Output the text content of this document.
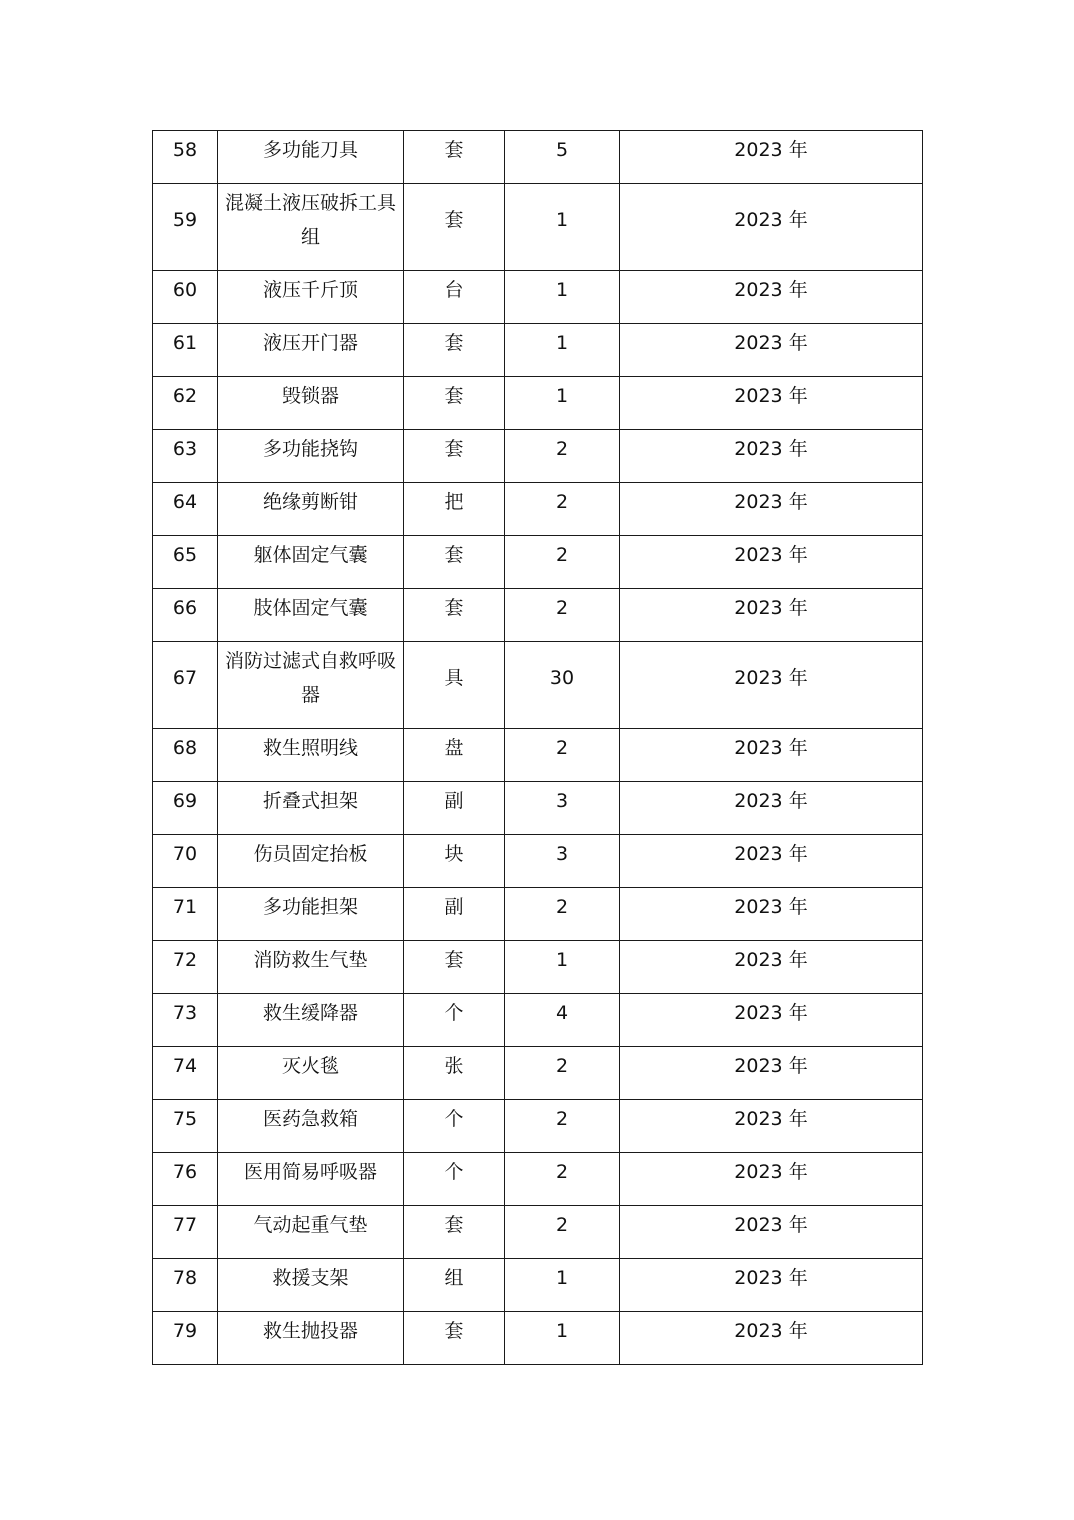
58	多功能刀具	套	5	2023 年
59	混凝土液压破拆工具组	套	1	2023 年
60	液压千斤顶	台	1	2023 年
61	液压开门器	套	1	2023 年
62	毁锁器	套	1	2023 年
63	多功能挠钩	套	2	2023 年
64	绝缘剪断钳	把	2	2023 年
65	躯体固定气囊	套	2	2023 年
66	肢体固定气囊	套	2	2023 年
67	消防过滤式自救呼吸器	具	30	2023 年
68	救生照明线	盘	2	2023 年
69	折叠式担架	副	3	2023 年
70	伤员固定抬板	块	3	2023 年
71	多功能担架	副	2	2023 年
72	消防救生气垫	套	1	2023 年
73	救生缓降器	个	4	2023 年
74	灭火毯	张	2	2023 年
75	医药急救箱	个	2	2023 年
76	医用简易呼吸器	个	2	2023 年
77	气动起重气垫	套	2	2023 年
78	救援支架	组	1	2023 年
79	救生抛投器	套	1	2023 年
